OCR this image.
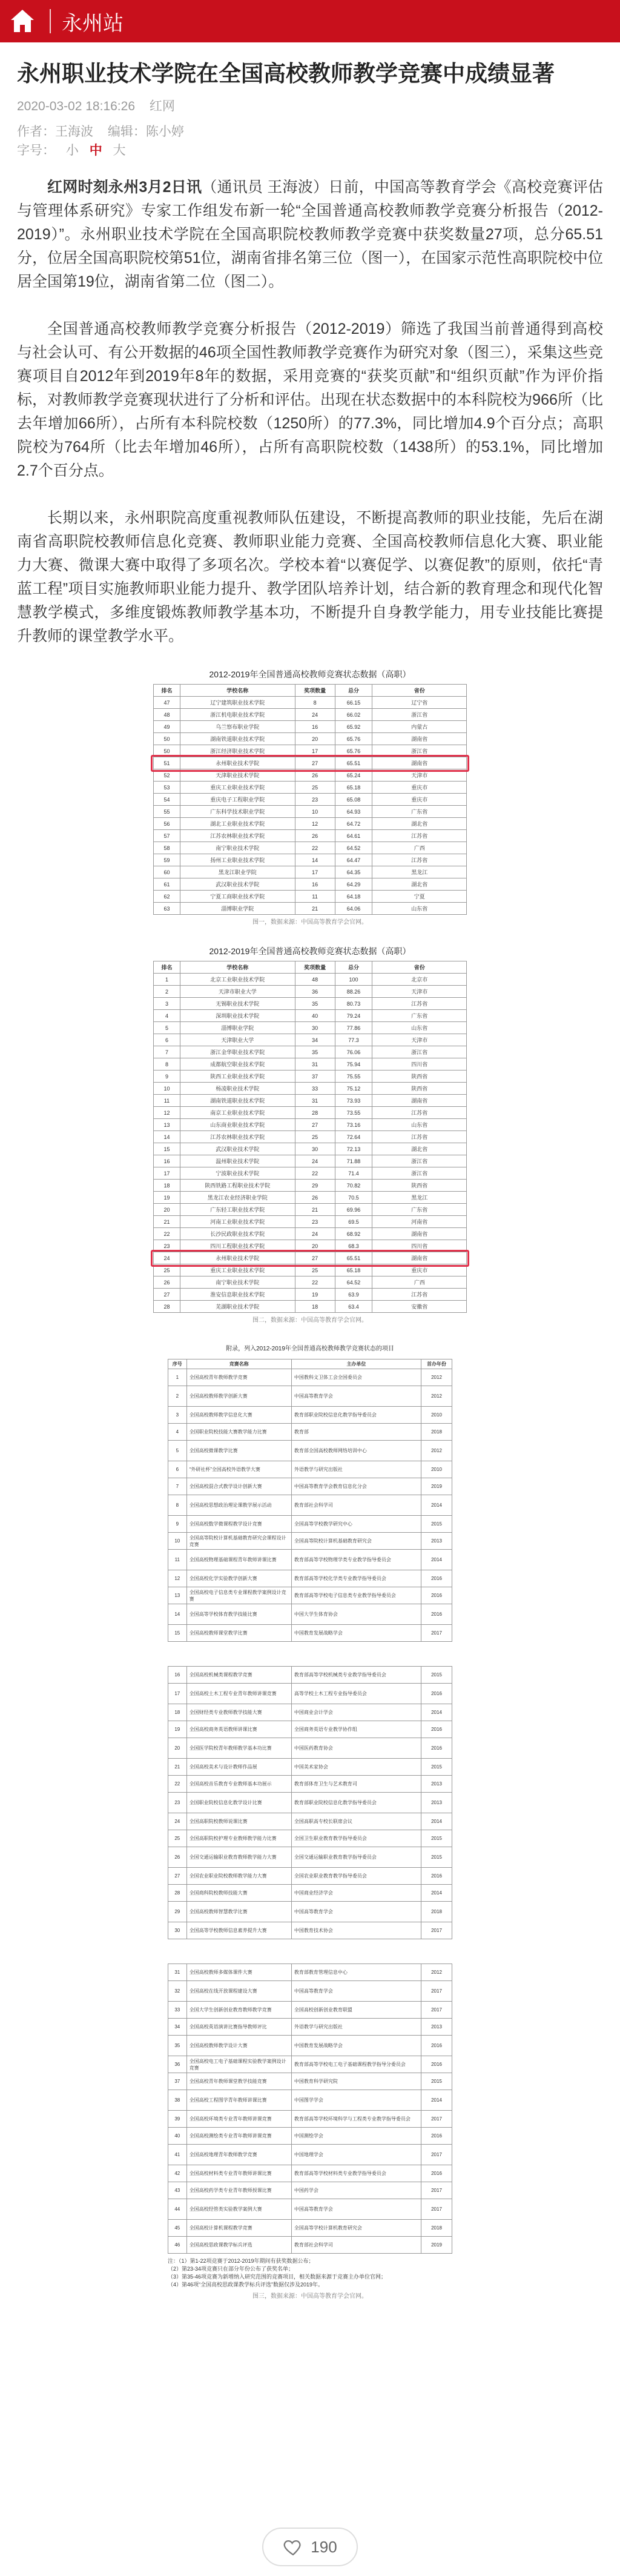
永州站
永州职业技术学院在全国高校教师教学竞赛中成绩显著
2020-03-02 18:16:26 红网
作者：王海波 编辑：陈小婷
字号： 小 中 大

红网时刻永州3月2日讯（通讯员 王海波）日前，中国高等教育学会《高校竞赛评估与管理体系研究》专家工作组发布新一轮“全国普通高校教师教学竞赛分析报告（2012-2019）”。永州职业技术学院在全国高职院校教师教学竞赛中获奖数量27项，总分65.51分，位居全国高职院校第51位，湖南省排名第三位（图一），在国家示范性高职院校中位居全国第19位，湖南省第二位（图二）。

全国普通高校教师教学竞赛分析报告（2012-2019）筛选了我国当前普通得到高校与社会认可、有公开数据的46项全国性教师教学竞赛作为研究对象（图三），采集这些竞赛项目自2012年到2019年8年的数据，采用竞赛的“获奖页献”和“组织页献”作为评价指标，对教师教学竞赛现状进行了分析和评估。出现在状态数据中的本科院校为966所（比去年增加66所），占所有本科院校数（1250所）的77.3%，同比增加4.9个百分点；高职院校为764所（比去年增加46所），占所有高职院校数（1438所）的53.1%，同比增加2.7个百分点。

长期以来，永州职院高度重视教师队伍建设，不断提高教师的职业技能，先后在湖南省高职院校教师信息化竞赛、教师职业能力竞赛、全国高校教师信息化大赛、职业能力大赛、微课大赛中取得了多项名次。学校本着“以赛促学、以赛促教”的原则，依托“青蓝工程”项目实施教师职业能力提升、教学团队培养计划，结合新的教育理念和现代化智慧教学模式，多维度锻炼教师教学基本功，不断提升自身教学能力，用专业技能比赛提升教师的课堂教学水平。

2012-2019年全国普通高校教师竞赛状态数据（高职）
排名	学校名称	奖项数量	总分	省份
47	辽宁建筑职业技术学院	8	66.15	辽宁省
48	浙江机电职业技术学院	24	66.02	浙江省
49	乌兰察布职业学院	16	65.92	内蒙古
50	湖南铁道职业技术学院	20	65.76	湖南省
50	浙江经济职业技术学院	17	65.76	浙江省
51	永州职业技术学院	27	65.51	湖南省
52	天津职业技术学院	26	65.24	天津市
53	重庆工业职业技术学院	25	65.18	重庆市
54	重庆电子工程职业学院	23	65.08	重庆市
55	广东科学技术职业学院	10	64.93	广东省
56	湖北工业职业技术学院	12	64.72	湖北省
57	江苏农林职业技术学院	26	64.61	江苏省
58	南宁职业技术学院	22	64.52	广西
59	扬州工业职业技术学院	14	64.47	江苏省
60	黑龙江职业学院	17	64.35	黑龙江
61	武汉职业技术学院	16	64.29	湖北省
62	宁夏工商职业技术学院	11	64.18	宁夏
63	淄博职业学院	21	64.06	山东省
图一，数据来源：中国高等教育学会官网。
2012-2019年全国普通高校教师竞赛状态数据（高职）
排名	学校名称	奖项数量	总分	省份
1	北京工业职业技术学院	48	100	北京市
2	天津市职业大学	36	88.26	天津市
3	无锡职业技术学院	35	80.73	江苏省
4	深圳职业技术学院	40	79.24	广东省
5	淄博职业学院	30	77.86	山东省
6	天津职业大学	34	77.3	天津市
7	浙江金华职业技术学院	35	76.06	浙江省
8	成都航空职业技术学院	31	75.94	四川省
9	陕西工业职业技术学院	37	75.55	陕西省
10	杨凌职业技术学院	33	75.12	陕西省
11	湖南铁道职业技术学院	31	73.93	湖南省
12	南京工业职业技术学院	28	73.55	江苏省
13	山东商业职业技术学院	27	73.16	山东省
14	江苏农林职业技术学院	25	72.64	江苏省
15	武汉职业技术学院	30	72.13	湖北省
16	温州职业技术学院	24	71.88	浙江省
17	宁波职业技术学院	22	71.4	浙江省
18	陕西铁路工程职业技术学院	29	70.82	陕西省
19	黑龙江农业经济职业学院	26	70.5	黑龙江
20	广东轻工职业技术学院	21	69.96	广东省
21	河南工业职业技术学院	23	69.5	河南省
22	长沙民政职业技术学院	24	68.92	湖南省
23	四川工程职业技术学院	20	68.3	四川省
24	永州职业技术学院	27	65.51	湖南省
25	重庆工业职业技术学院	25	65.18	重庆市
26	南宁职业技术学院	22	64.52	广西
27	淮安信息职业技术学院	19	63.9	江苏省
28	芜湖职业技术学院	18	63.4	安徽省
图二，数据来源：中国高等教育学会官网。
附录，列入2012-2019年全国普通高校教师教学竞赛状态的项目
序号	竞赛名称	主办单位	首办年份
1	全国高校青年教师教学竞赛	中国教科文卫体工会全国委员会	2012
2	全国高校教师教学创新大赛	中国高等教育学会	2012
3	全国高校教师教学信息化大赛	教育部职业院校信息化教学指导委员会	2010
4	全国职业院校技能大赛教学能力比赛	教育部	2018
5	全国高校微课教学比赛	教育部全国高校教师网络培训中心	2012
6	“外研社杯”全国高校外语教学大赛	外语教学与研究出版社	2010
7	全国高校混合式教学设计创新大赛	中国高等教育学会教育信息化分会	2019
8	全国高校思想政治理论课教学展示活动	教育部社会科学司	2014
9	全国高校数学微课程教学设计竞赛	全国高等学校教学研究中心	2015
10	全国高等院校计算机基础教育研究会课程设计竞赛	全国高等院校计算机基础教育研究会	2013
11	全国高校物理基础课程青年教师讲课比赛	教育部高等学校物理学类专业教学指导委员会	2014
12	全国高校化学实验教学创新大赛	教育部高等学校化学类专业教学指导委员会	2016
13	全国高校电子信息类专业课程教学案例设计竞赛	教育部高等学校电子信息类专业教学指导委员会	2016
14	全国高等学校体育教学技能比赛	中国大学生体育协会	2016
15	全国高校教师课堂教学比赛	中国教育发展战略学会	2017
16	全国高校机械类课程教学竞赛	教育部高等学校机械类专业教学指导委员会	2015
17	全国高校土木工程专业青年教师讲课竞赛	高等学校土木工程专业指导委员会	2016
18	全国财经类专业教师教学技能大赛	中国商业会计学会	2014
19	全国高校商务英语教师讲课比赛	全国商务英语专业教学协作组	2016
20	全国医学院校青年教师教学基本功比赛	中国医药教育协会	2016
21	全国高校美术与设计教师作品展	中国美术家协会	2015
22	全国高校音乐教育专业教师基本功展示	教育部体育卫生与艺术教育司	2013
23	全国职业院校信息化教学设计比赛	教育部职业院校信息化教学指导委员会	2013
24	全国高职院校教师说课比赛	全国高职高专校长联席会议	2014
25	全国高职院校护理专业教师教学能力比赛	全国卫生职业教育教学指导委员会	2015
26	全国交通运输职业教育教师教学能力大赛	全国交通运输职业教育教学指导委员会	2015
27	全国农业职业院校教师教学能力大赛	全国农业职业教育教学指导委员会	2016
28	全国商科院校教师技能大赛	中国商业经济学会	2014
29	全国高校教师智慧教学比赛	中国高等教育学会	2018
30	全国高等学校教师信息素养提升大赛	中国教育技术协会	2017
31	全国高校教师多媒体课件大赛	教育部教育管理信息中心	2012
32	全国高校在线开放课程建设大赛	中国高等教育学会	2017
33	全国大学生创新创业教育教师教学竞赛	全国高校创新创业教育联盟	2017
34	全国高校英语演讲比赛指导教师评比	外语教学与研究出版社	2013
35	全国高校教师教学设计大赛	中国教育发展战略学会	2016
36	全国高校电工电子基础课程实验教学案例设计竞赛	教育部高等学校电工电子基础课程教学指导分委员会	2016
37	全国高校青年教师课堂教学技能竞赛	中国教育科学研究院	2015
38	全国高校工程图学青年教师讲课比赛	中国图学学会	2014
39	全国高校环境类专业青年教师讲课竞赛	教育部高等学校环境科学与工程类专业教学指导委员会	2017
40	全国高校测绘类专业青年教师讲课竞赛	中国测绘学会	2016
41	全国高校地理青年教师教学竞赛	中国地理学会	2017
42	全国高校材料类专业青年教师讲课比赛	教育部高等学校材料类专业教学指导委员会	2016
43	全国高校药学类专业青年教师授课比赛	中国药学会	2017
44	全国高校经管类实验教学案例大赛	中国高等教育学会	2017
45	全国高校计算机课程教学竞赛	全国高等学校计算机教育研究会	2018
46	全国高校思政课教学标兵评选	教育部社会科学司	2019
注：（1）第1-22项竞赛于2012-2019年期间有获奖数据公布；
（2）第23-34项竞赛只在部分年份公布了获奖名单；
（3）第35-46项竞赛为新增纳入研究范围的竞赛项目，相关数据来源于竞赛主办单位官网；
（4）第46项“全国高校思政课教学标兵评选”数据仅涉及2019年。
图三，数据来源：中国高等教育学会官网。
190
